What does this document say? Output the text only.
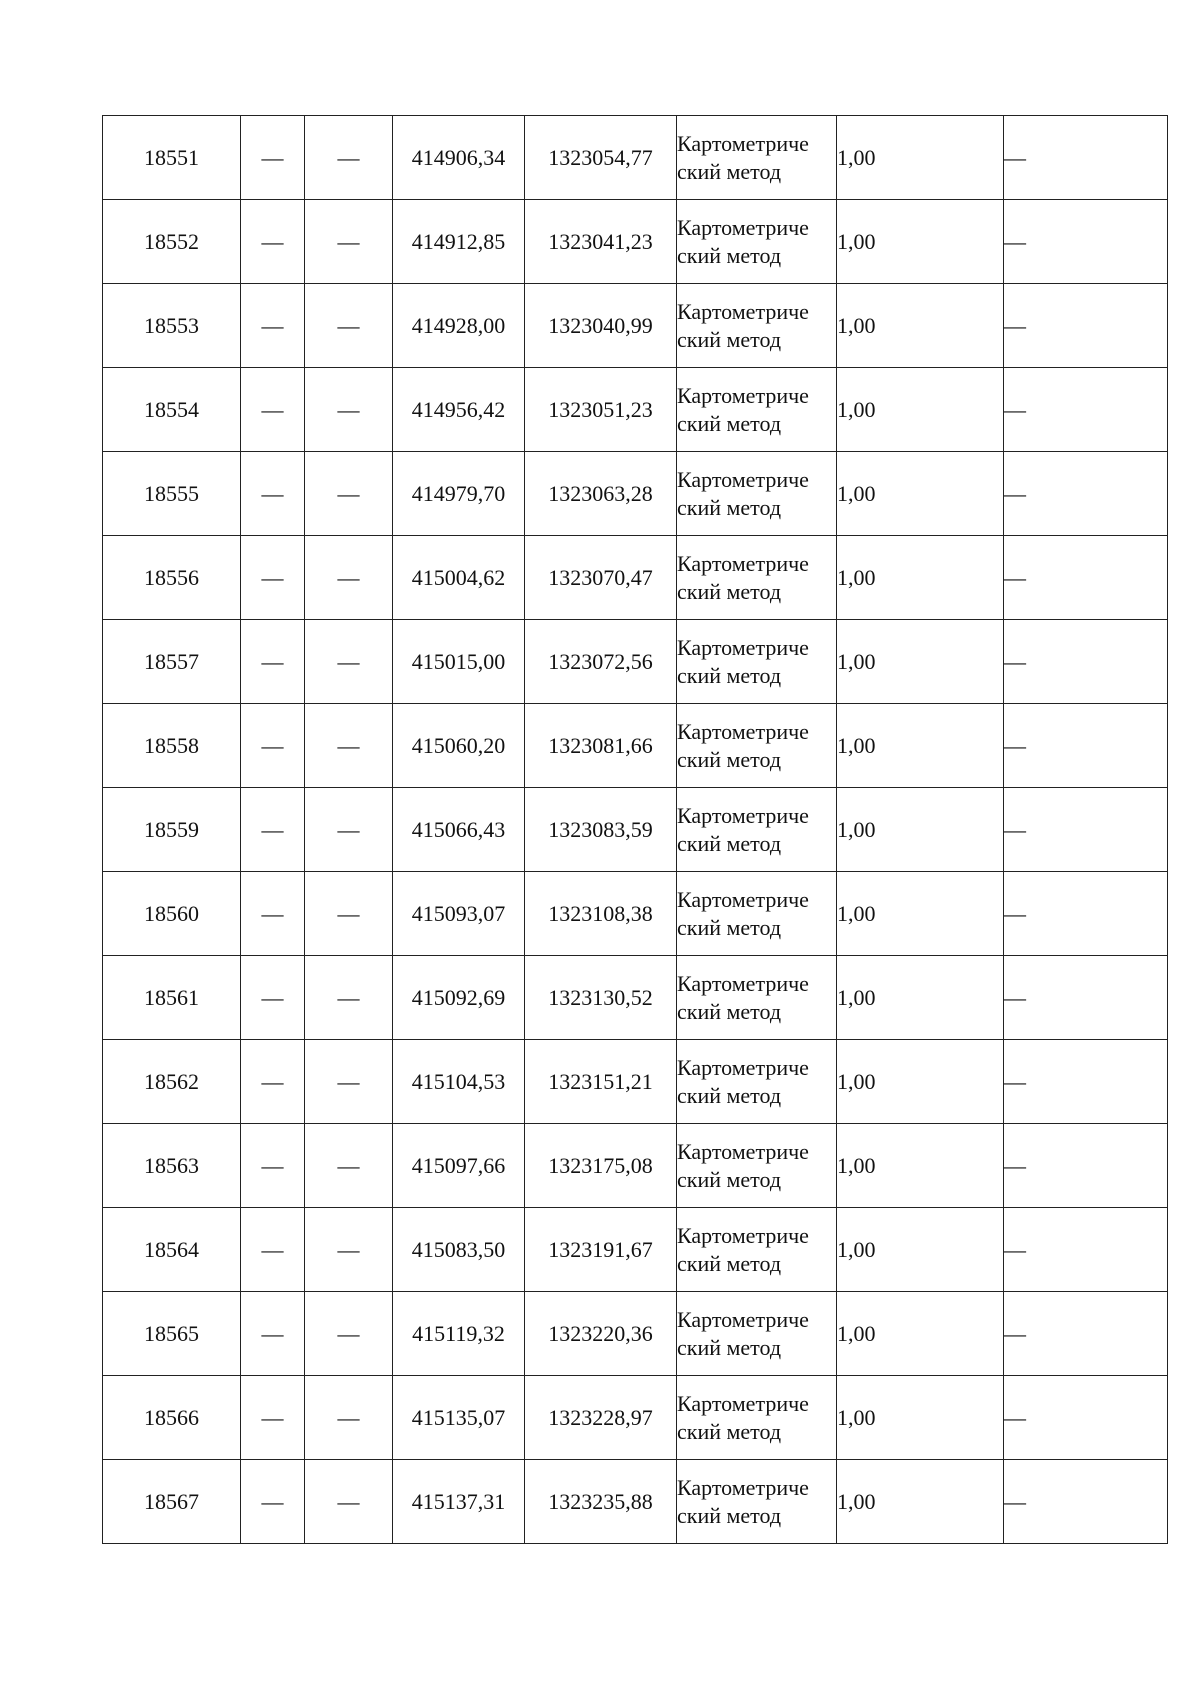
18551	—	—	414906,34	1323054,77	Картометрический метод	1,00	—
18552	—	—	414912,85	1323041,23	Картометрический метод	1,00	—
18553	—	—	414928,00	1323040,99	Картометрический метод	1,00	—
18554	—	—	414956,42	1323051,23	Картометрический метод	1,00	—
18555	—	—	414979,70	1323063,28	Картометрический метод	1,00	—
18556	—	—	415004,62	1323070,47	Картометрический метод	1,00	—
18557	—	—	415015,00	1323072,56	Картометрический метод	1,00	—
18558	—	—	415060,20	1323081,66	Картометрический метод	1,00	—
18559	—	—	415066,43	1323083,59	Картометрический метод	1,00	—
18560	—	—	415093,07	1323108,38	Картометрический метод	1,00	—
18561	—	—	415092,69	1323130,52	Картометрический метод	1,00	—
18562	—	—	415104,53	1323151,21	Картометрический метод	1,00	—
18563	—	—	415097,66	1323175,08	Картометрический метод	1,00	—
18564	—	—	415083,50	1323191,67	Картометрический метод	1,00	—
18565	—	—	415119,32	1323220,36	Картометрический метод	1,00	—
18566	—	—	415135,07	1323228,97	Картометрический метод	1,00	—
18567	—	—	415137,31	1323235,88	Картометрический метод	1,00	—
